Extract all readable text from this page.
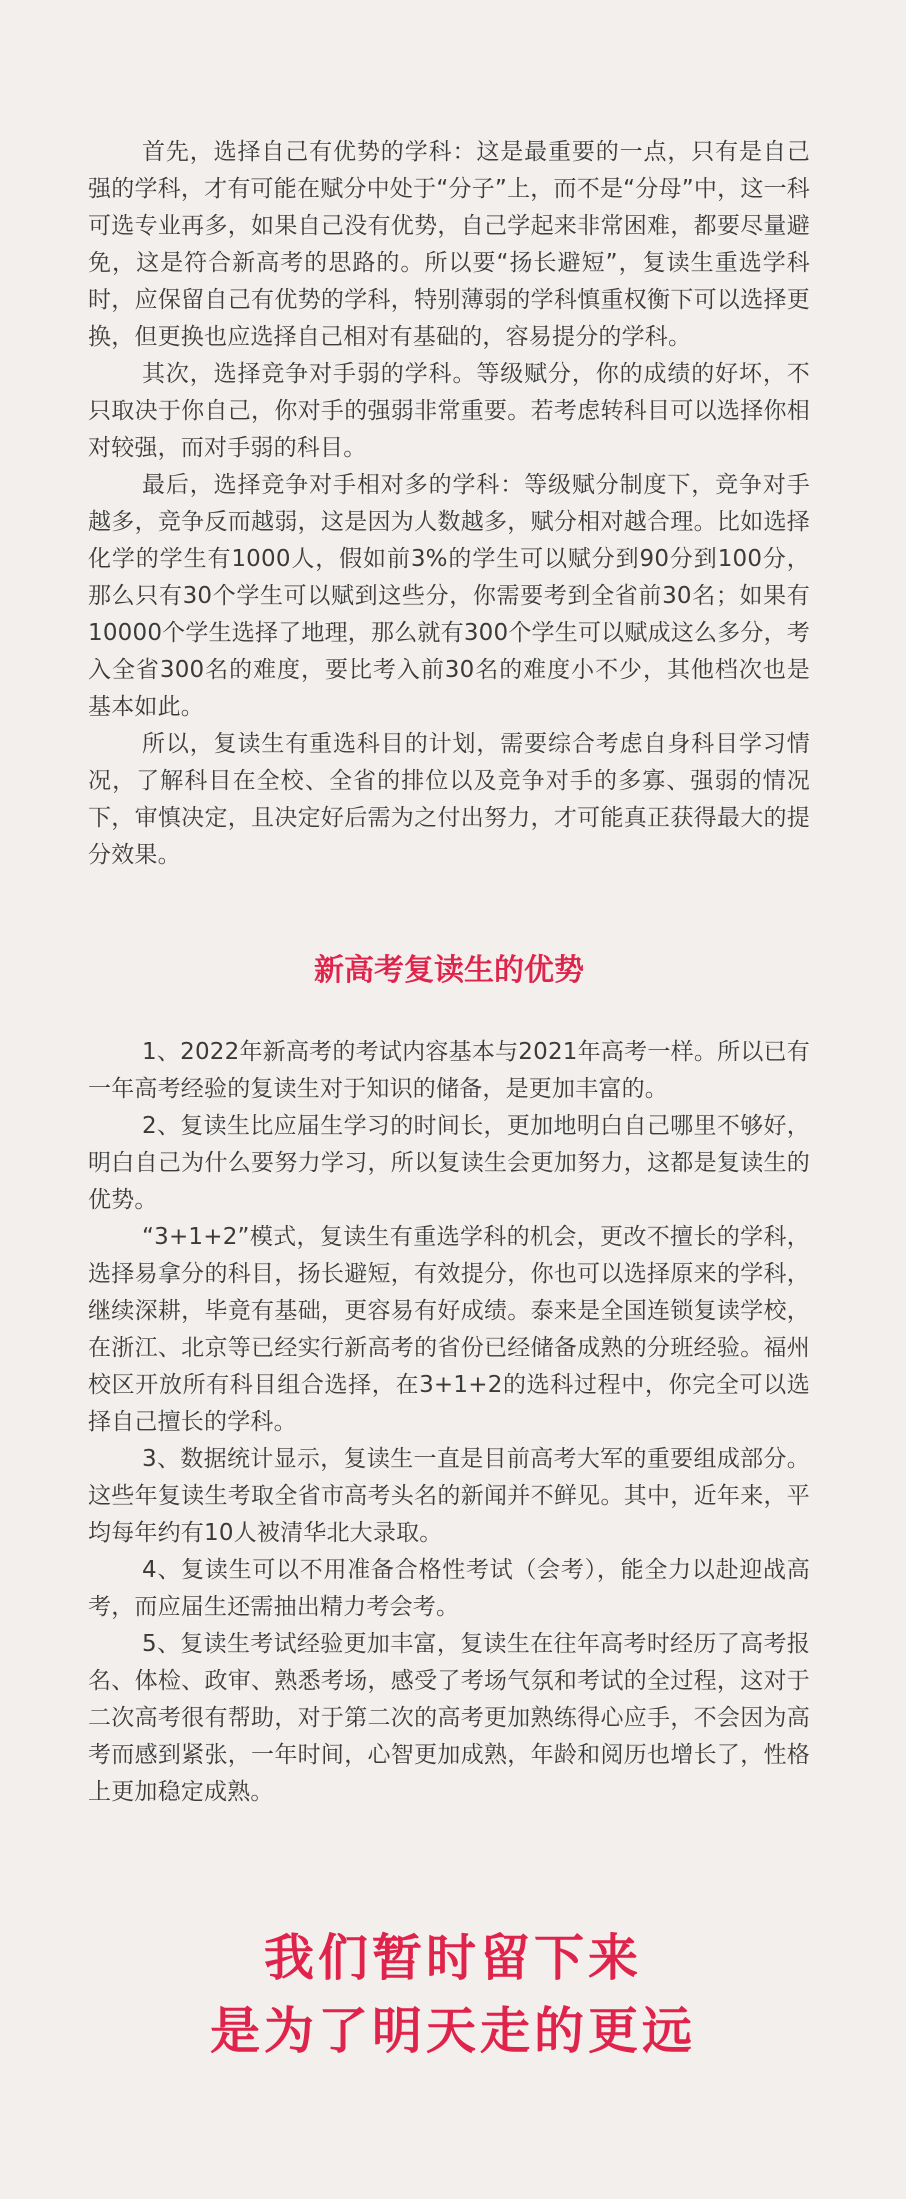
首先，选择自己有优势的学科：这是最重要的一点，只有是自己强的学科，才有可能在赋分中处于“分子”上，而不是“分母”中，这一科可选专业再多，如果自己没有优势，自己学起来非常困难，都要尽量避免，这是符合新高考的思路的。所以要“扬长避短”，复读生重选学科时，应保留自己有优势的学科，特别薄弱的学科慎重权衡下可以选择更换，但更换也应选择自己相对有基础的，容易提分的学科。

其次，选择竞争对手弱的学科。等级赋分，你的成绩的好坏，不只取决于你自己，你对手的强弱非常重要。若考虑转科目可以选择你相对较强，而对手弱的科目。

最后，选择竞争对手相对多的学科：等级赋分制度下，竞争对手越多，竞争反而越弱，这是因为人数越多，赋分相对越合理。比如选择化学的学生有1000人，假如前3%的学生可以赋分到90分到100分，那么只有30个学生可以赋到这些分，你需要考到全省前30名；如果有10000个学生选择了地理，那么就有300个学生可以赋成这么多分，考入全省300名的难度，要比考入前30名的难度小不少，其他档次也是基本如此。

所以，复读生有重选科目的计划，需要综合考虑自身科目学习情况，了解科目在全校、全省的排位以及竞争对手的多寡、强弱的情况下，审慎决定，且决定好后需为之付出努力，才可能真正获得最大的提分效果。

新高考复读生的优势

1、2022年新高考的考试内容基本与2021年高考一样。所以已有一年高考经验的复读生对于知识的储备，是更加丰富的。

2、复读生比应届生学习的时间长，更加地明白自己哪里不够好，明白自己为什么要努力学习，所以复读生会更加努力，这都是复读生的优势。

“3+1+2”模式，复读生有重选学科的机会，更改不擅长的学科，选择易拿分的科目，扬长避短，有效提分，你也可以选择原来的学科，继续深耕，毕竟有基础，更容易有好成绩。泰来是全国连锁复读学校，在浙江、北京等已经实行新高考的省份已经储备成熟的分班经验。福州校区开放所有科目组合选择，在3+1+2的选科过程中，你完全可以选择自己擅长的学科。

3、数据统计显示，复读生一直是目前高考大军的重要组成部分。这些年复读生考取全省市高考头名的新闻并不鲜见。其中，近年来，平均每年约有10人被清华北大录取。

4、复读生可以不用准备合格性考试（会考），能全力以赴迎战高考，而应届生还需抽出精力考会考。

5、复读生考试经验更加丰富，复读生在往年高考时经历了高考报名、体检、政审、熟悉考场，感受了考场气氛和考试的全过程，这对于二次高考很有帮助，对于第二次的高考更加熟练得心应手，不会因为高考而感到紧张，一年时间，心智更加成熟，年龄和阅历也增长了，性格上更加稳定成熟。

我们暂时留下来
是为了明天走的更远
